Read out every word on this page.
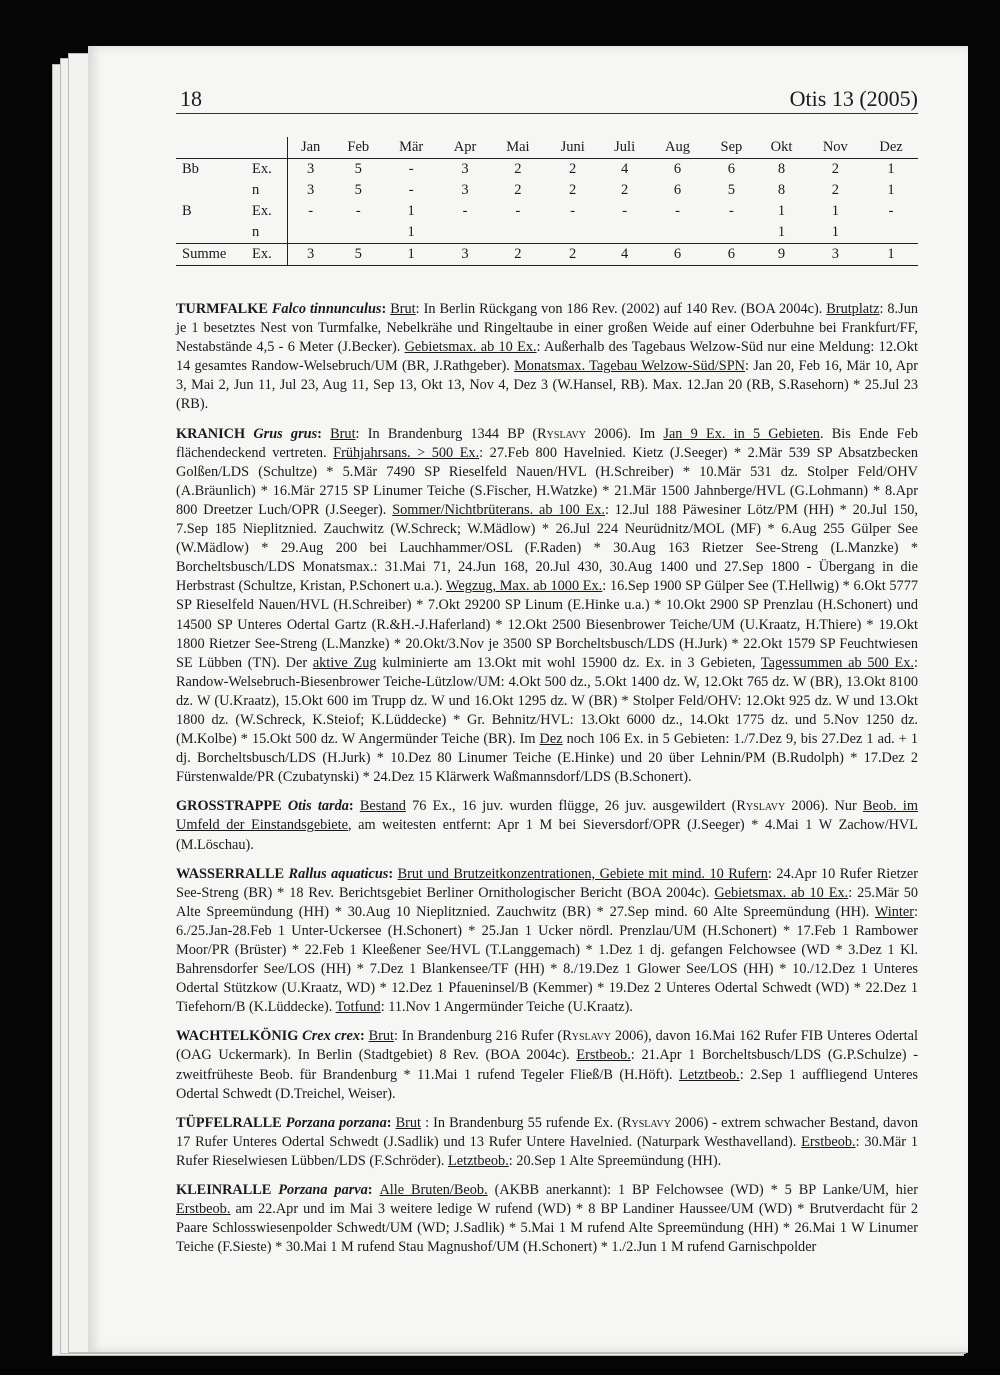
18	Otis 13 (2005)
		Jan	Feb	Mär	Apr	Mai	Juni	Juli	Aug	Sep	Okt	Nov	Dez
Bb	Ex.	3	5	-	3	2	2	4	6	6	8	2	1
	n	3	5	-	3	2	2	2	6	5	8	2	1
B	Ex.	-	-	1	-	-	-	-	-	-	1	1	-
	n			1							1	1	
Summe	Ex.	3	5	1	3	2	2	4	6	6	9	3	1

TURMFALKE Falco tinnunculus: Brut: In Berlin Rückgang von 186 Rev. (2002) auf 140 Rev. (BOA 2004c). Brutplatz: 8.Jun je 1 besetztes Nest von Turmfalke, Nebelkrähe und Ringeltaube in einer großen Weide auf einer Oderbuhne bei Frankfurt/FF, Nestabstände 4,5 - 6 Meter (J.Becker). Gebietsmax. ab 10 Ex.: Außerhalb des Tagebaus Welzow-Süd nur eine Meldung: 12.Okt 14 gesamtes Randow-Welsebruch/UM (BR, J.Rathgeber). Monatsmax. Tagebau Welzow-Süd/SPN: Jan 20, Feb 16, Mär 10, Apr 3, Mai 2, Jun 11, Jul 23, Aug 11, Sep 13, Okt 13, Nov 4, Dez 3 (W.Hansel, RB). Max. 12.Jan 20 (RB, S.Rasehorn) * 25.Jul 23 (RB).

KRANICH Grus grus: Brut: In Brandenburg 1344 BP (Ryslavy 2006). Im Jan 9 Ex. in 5 Gebieten. Bis Ende Feb flächendeckend vertreten. Frühjahrsans. > 500 Ex.: 27.Feb 800 Havelnied. Kietz (J.Seeger) * 2.Mär 539 SP Absatzbecken Golßen/LDS (Schultze) * 5.Mär 7490 SP Rieselfeld Nauen/HVL (H.Schreiber) * 10.Mär 531 dz. Stolper Feld/OHV (A.Bräunlich) * 16.Mär 2715 SP Linumer Teiche (S.Fischer, H.Watzke) * 21.Mär 1500 Jahnberge/HVL (G.Lohmann) * 8.Apr 800 Dreetzer Luch/OPR (J.Seeger). Sommer/Nichtbrüterans. ab 100 Ex.: 12.Jul 188 Päwesiner Lötz/PM (HH) * 20.Jul 150, 7.Sep 185 Nieplitznied. Zauchwitz (W.Schreck; W.Mädlow) * 26.Jul 224 Neurüdnitz/MOL (MF) * 6.Aug 255 Gülper See (W.Mädlow) * 29.Aug 200 bei Lauchhammer/OSL (F.Raden) * 30.Aug 163 Rietzer See-Streng (L.Manzke) * Borcheltsbusch/LDS Monatsmax.: 31.Mai 71, 24.Jun 168, 20.Jul 430, 30.Aug 1400 und 27.Sep 1800 - Übergang in die Herbstrast (Schultze, Kristan, P.Schonert u.a.). Wegzug, Max. ab 1000 Ex.: 16.Sep 1900 SP Gülper See (T.Hellwig) * 6.Okt 5777 SP Rieselfeld Nauen/HVL (H.Schreiber) * 7.Okt 29200 SP Linum (E.Hinke u.a.) * 10.Okt 2900 SP Prenzlau (H.Schonert) und 14500 SP Unteres Odertal Gartz (R.&H.-J.Haferland) * 12.Okt 2500 Biesenbrower Teiche/UM (U.Kraatz, H.Thiere) * 19.Okt 1800 Rietzer See-Streng (L.Manzke) * 20.Okt/3.Nov je 3500 SP Borcheltsbusch/LDS (H.Jurk) * 22.Okt 1579 SP Feuchtwiesen SE Lübben (TN). Der aktive Zug kulminierte am 13.Okt mit wohl 15900 dz. Ex. in 3 Gebieten, Tagessummen ab 500 Ex.: Randow-Welsebruch-Biesenbrower Teiche-Lützlow/UM: 4.Okt 500 dz., 5.Okt 1400 dz. W, 12.Okt 765 dz. W (BR), 13.Okt 8100 dz. W (U.Kraatz), 15.Okt 600 im Trupp dz. W und 16.Okt 1295 dz. W (BR) * Stolper Feld/OHV: 12.Okt 925 dz. W und 13.Okt 1800 dz. (W.Schreck, K.Steiof; K.Lüddecke) * Gr. Behnitz/HVL: 13.Okt 6000 dz., 14.Okt 1775 dz. und 5.Nov 1250 dz. (M.Kolbe) * 15.Okt 500 dz. W Angermünder Teiche (BR). Im Dez noch 106 Ex. in 5 Gebieten: 1./7.Dez 9, bis 27.Dez 1 ad. + 1 dj. Borcheltsbusch/LDS (H.Jurk) * 10.Dez 80 Linumer Teiche (E.Hinke) und 20 über Lehnin/PM (B.Rudolph) * 17.Dez 2 Fürstenwalde/PR (Czubatynski) * 24.Dez 15 Klärwerk Waßmannsdorf/LDS (B.Schonert).

GROSSTRAPPE Otis tarda: Bestand 76 Ex., 16 juv. wurden flügge, 26 juv. ausgewildert (Ryslavy 2006). Nur Beob. im Umfeld der Einstandsgebiete, am weitesten entfernt: Apr 1 M bei Sieversdorf/OPR (J.Seeger) * 4.Mai 1 W Zachow/HVL (M.Löschau).

WASSERRALLE Rallus aquaticus: Brut und Brutzeitkonzentrationen, Gebiete mit mind. 10 Rufern: 24.Apr 10 Rufer Rietzer See-Streng (BR) * 18 Rev. Berichtsgebiet Berliner Ornithologischer Bericht (BOA 2004c). Gebietsmax. ab 10 Ex.: 25.Mär 50 Alte Spreemündung (HH) * 30.Aug 10 Nieplitznied. Zauchwitz (BR) * 27.Sep mind. 60 Alte Spreemündung (HH). Winter: 6./25.Jan-28.Feb 1 Unter-Uckersee (H.Schonert) * 25.Jan 1 Ucker nördl. Prenzlau/UM (H.Schonert) * 17.Feb 1 Rambower Moor/PR (Brüster) * 22.Feb 1 Kleeßener See/HVL (T.Langgemach) * 1.Dez 1 dj. gefangen Felchowsee (WD * 3.Dez 1 Kl. Bahrensdorfer See/LOS (HH) * 7.Dez 1 Blankensee/TF (HH) * 8./19.Dez 1 Glower See/LOS (HH) * 10./12.Dez 1 Unteres Odertal Stützkow (U.Kraatz, WD) * 12.Dez 1 Pfaueninsel/B (Kemmer) * 19.Dez 2 Unteres Odertal Schwedt (WD) * 22.Dez 1 Tiefehorn/B (K.Lüddecke). Totfund: 11.Nov 1 Angermünder Teiche (U.Kraatz).

WACHTELKÖNIG Crex crex: Brut: In Brandenburg 216 Rufer (Ryslavy 2006), davon 16.Mai 162 Rufer FIB Unteres Odertal (OAG Uckermark). In Berlin (Stadtgebiet) 8 Rev. (BOA 2004c). Erstbeob.: 21.Apr 1 Borcheltsbusch/LDS (G.P.Schulze) - zweitfrüheste Beob. für Brandenburg * 11.Mai 1 rufend Tegeler Fließ/B (H.Höft). Letztbeob.: 2.Sep 1 auffliegend Unteres Odertal Schwedt (D.Treichel, Weiser).

TÜPFELRALLE Porzana porzana: Brut : In Brandenburg 55 rufende Ex. (Ryslavy 2006) - extrem schwacher Bestand, davon 17 Rufer Unteres Odertal Schwedt (J.Sadlik) und 13 Rufer Untere Havelnied. (Naturpark Westhavelland). Erstbeob.: 30.Mär 1 Rufer Rieselwiesen Lübben/LDS (F.Schröder). Letztbeob.: 20.Sep 1 Alte Spreemündung (HH).

KLEINRALLE Porzana parva: Alle Bruten/Beob. (AKBB anerkannt): 1 BP Felchowsee (WD) * 5 BP Lanke/UM, hier Erstbeob. am 22.Apr und im Mai 3 weitere ledige W rufend (WD) * 8 BP Landiner Haussee/UM (WD) * Brutverdacht für 2 Paare Schlosswiesenpolder Schwedt/UM (WD; J.Sadlik) * 5.Mai 1 M rufend Alte Spreemündung (HH) * 26.Mai 1 W Linumer Teiche (F.Sieste) * 30.Mai 1 M rufend Stau Magnushof/UM (H.Schonert) * 1./2.Jun 1 M rufend Garnischpolder
